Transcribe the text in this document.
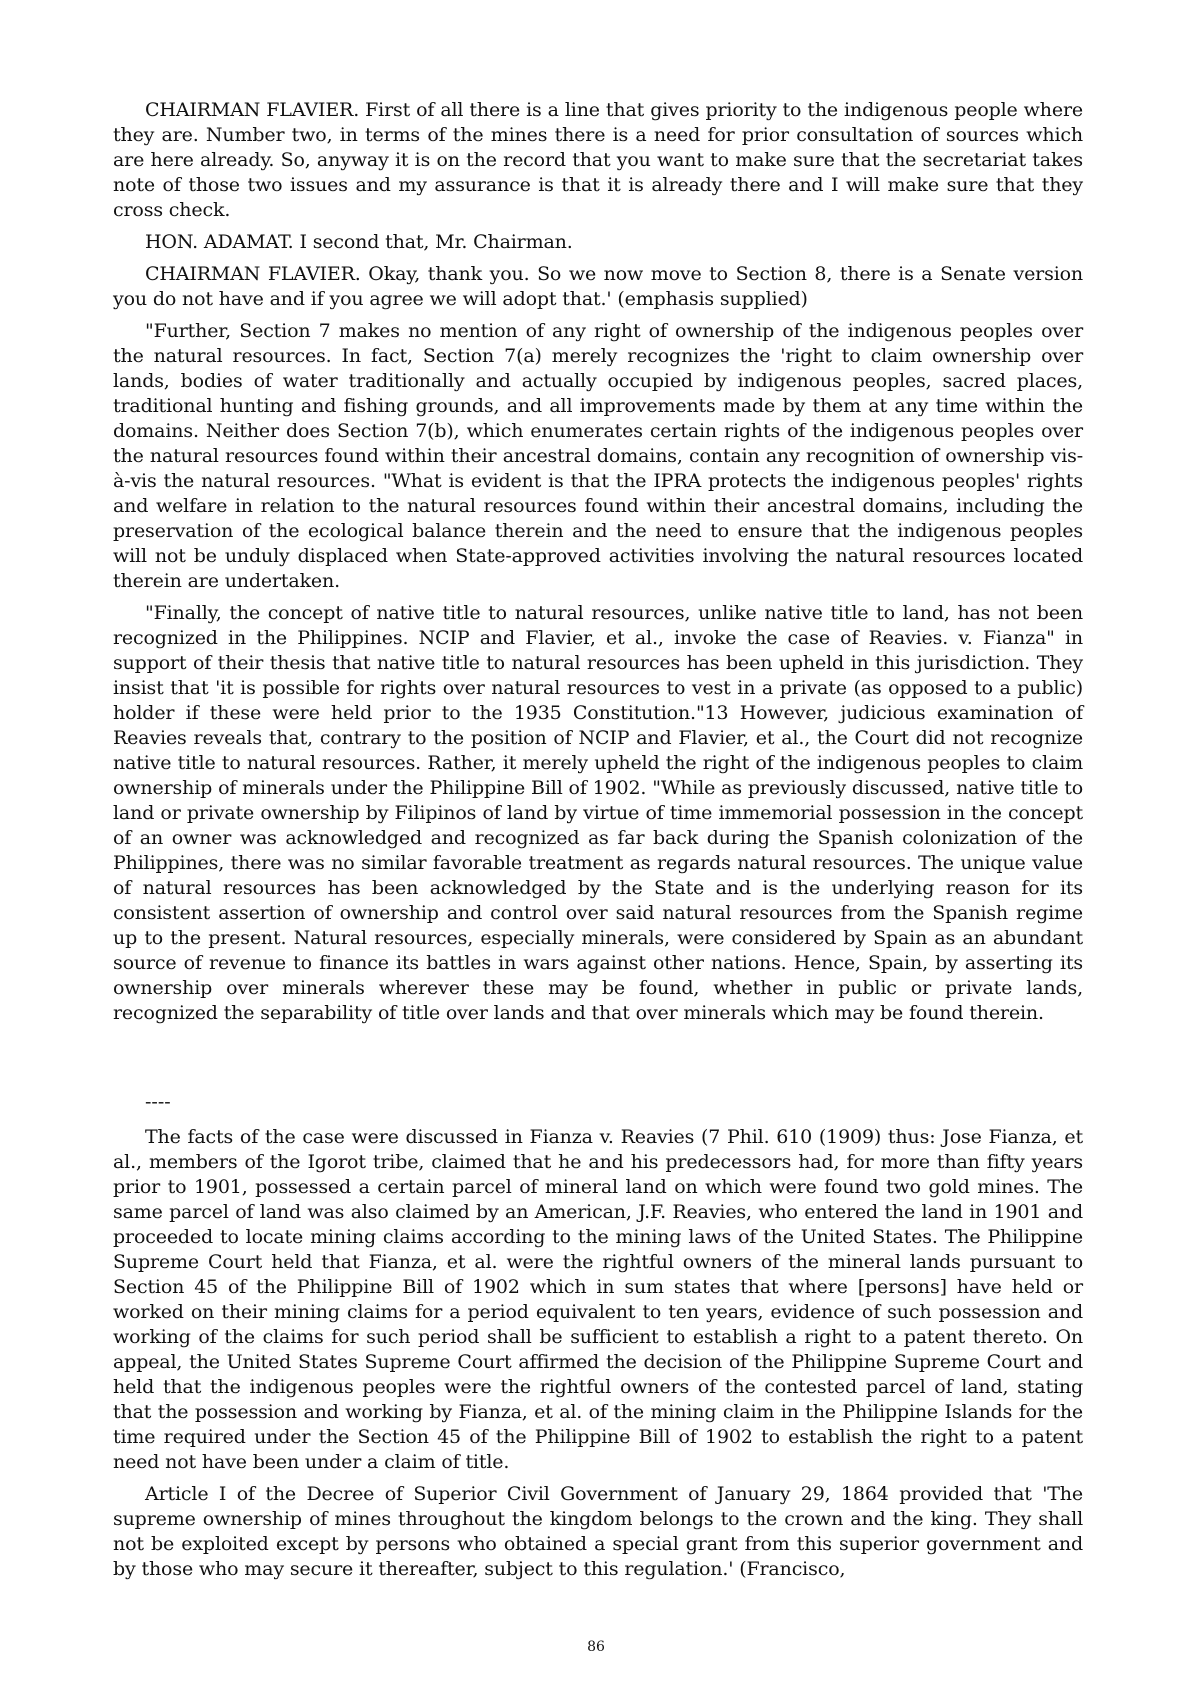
CHAIRMAN FLAVIER. First of all there is a line that gives priority to the indigenous people where they are. Number two, in terms of the mines there is a need for prior consultation of sources which are here already. So, anyway it is on the record that you want to make sure that the secretariat takes note of those two issues and my assurance is that it is already there and I will make sure that they cross check.

HON. ADAMAT. I second that, Mr. Chairman.

CHAIRMAN FLAVIER. Okay, thank you. So we now move to Section 8, there is a Senate version you do not have and if you agree we will adopt that.' (emphasis supplied)

"Further, Section 7 makes no mention of any right of ownership of the indigenous peoples over the natural resources. In fact, Section 7(a) merely recognizes the 'right to claim ownership over lands, bodies of water traditionally and actually occupied by indigenous peoples, sacred places, traditional hunting and fishing grounds, and all improvements made by them at any time within the domains. Neither does Section 7(b), which enumerates certain rights of the indigenous peoples over the natural resources found within their ancestral domains, contain any recognition of ownership vis-à-vis the natural resources. "What is evident is that the IPRA protects the indigenous peoples' rights and welfare in relation to the natural resources found within their ancestral domains, including the preservation of the ecological balance therein and the need to ensure that the indigenous peoples will not be unduly displaced when State-approved activities involving the natural resources located therein are undertaken.

"Finally, the concept of native title to natural resources, unlike native title to land, has not been recognized in the Philippines. NCIP and Flavier, et al., invoke the case of Reavies. v. Fianza" in support of their thesis that native title to natural resources has been upheld in this jurisdiction. They insist that 'it is possible for rights over natural resources to vest in a private (as opposed to a public) holder if these were held prior to the 1935 Constitution."13 However, judicious examination of Reavies reveals that, contrary to the position of NCIP and Flavier, et al., the Court did not recognize native title to natural resources. Rather, it merely upheld the right of the indigenous peoples to claim ownership of minerals under the Philippine Bill of 1902. "While as previously discussed, native title to land or private ownership by Filipinos of land by virtue of time immemorial possession in the concept of an owner was acknowledged and recognized as far back during the Spanish colonization of the Philippines, there was no similar favorable treatment as regards natural resources. The unique value of natural resources has been acknowledged by the State and is the underlying reason for its consistent assertion of ownership and control over said natural resources from the Spanish regime up to the present. Natural resources, especially minerals, were considered by Spain as an abundant source of revenue to finance its battles in wars against other nations. Hence, Spain, by asserting its ownership over minerals wherever these may be found, whether in public or private lands, recognized the separability of title over lands and that over minerals which may be found therein.

----

The facts of the case were discussed in Fianza v. Reavies (7 Phil. 610 (1909) thus: Jose Fianza, et al., members of the Igorot tribe, claimed that he and his predecessors had, for more than fifty years prior to 1901, possessed a certain parcel of mineral land on which were found two gold mines. The same parcel of land was also claimed by an American, J.F. Reavies, who entered the land in 1901 and proceeded to locate mining claims according to the mining laws of the United States. The Philippine Supreme Court held that Fianza, et al. were the rightful owners of the mineral lands pursuant to Section 45 of the Philippine Bill of 1902 which in sum states that where [persons] have held or worked on their mining claims for a period equivalent to ten years, evidence of such possession and working of the claims for such period shall be sufficient to establish a right to a patent thereto. On appeal, the United States Supreme Court affirmed the decision of the Philippine Supreme Court and held that the indigenous peoples were the rightful owners of the contested parcel of land, stating that the possession and working by Fianza, et al. of the mining claim in the Philippine Islands for the time required under the Section 45 of the Philippine Bill of 1902 to establish the right to a patent need not have been under a claim of title.

Article I of the Decree of Superior Civil Government of January 29, 1864 provided that 'The supreme ownership of mines throughout the kingdom belongs to the crown and the king. They shall not be exploited except by persons who obtained a special grant from this superior government and by those who may secure it thereafter, subject to this regulation.' (Francisco,

86
